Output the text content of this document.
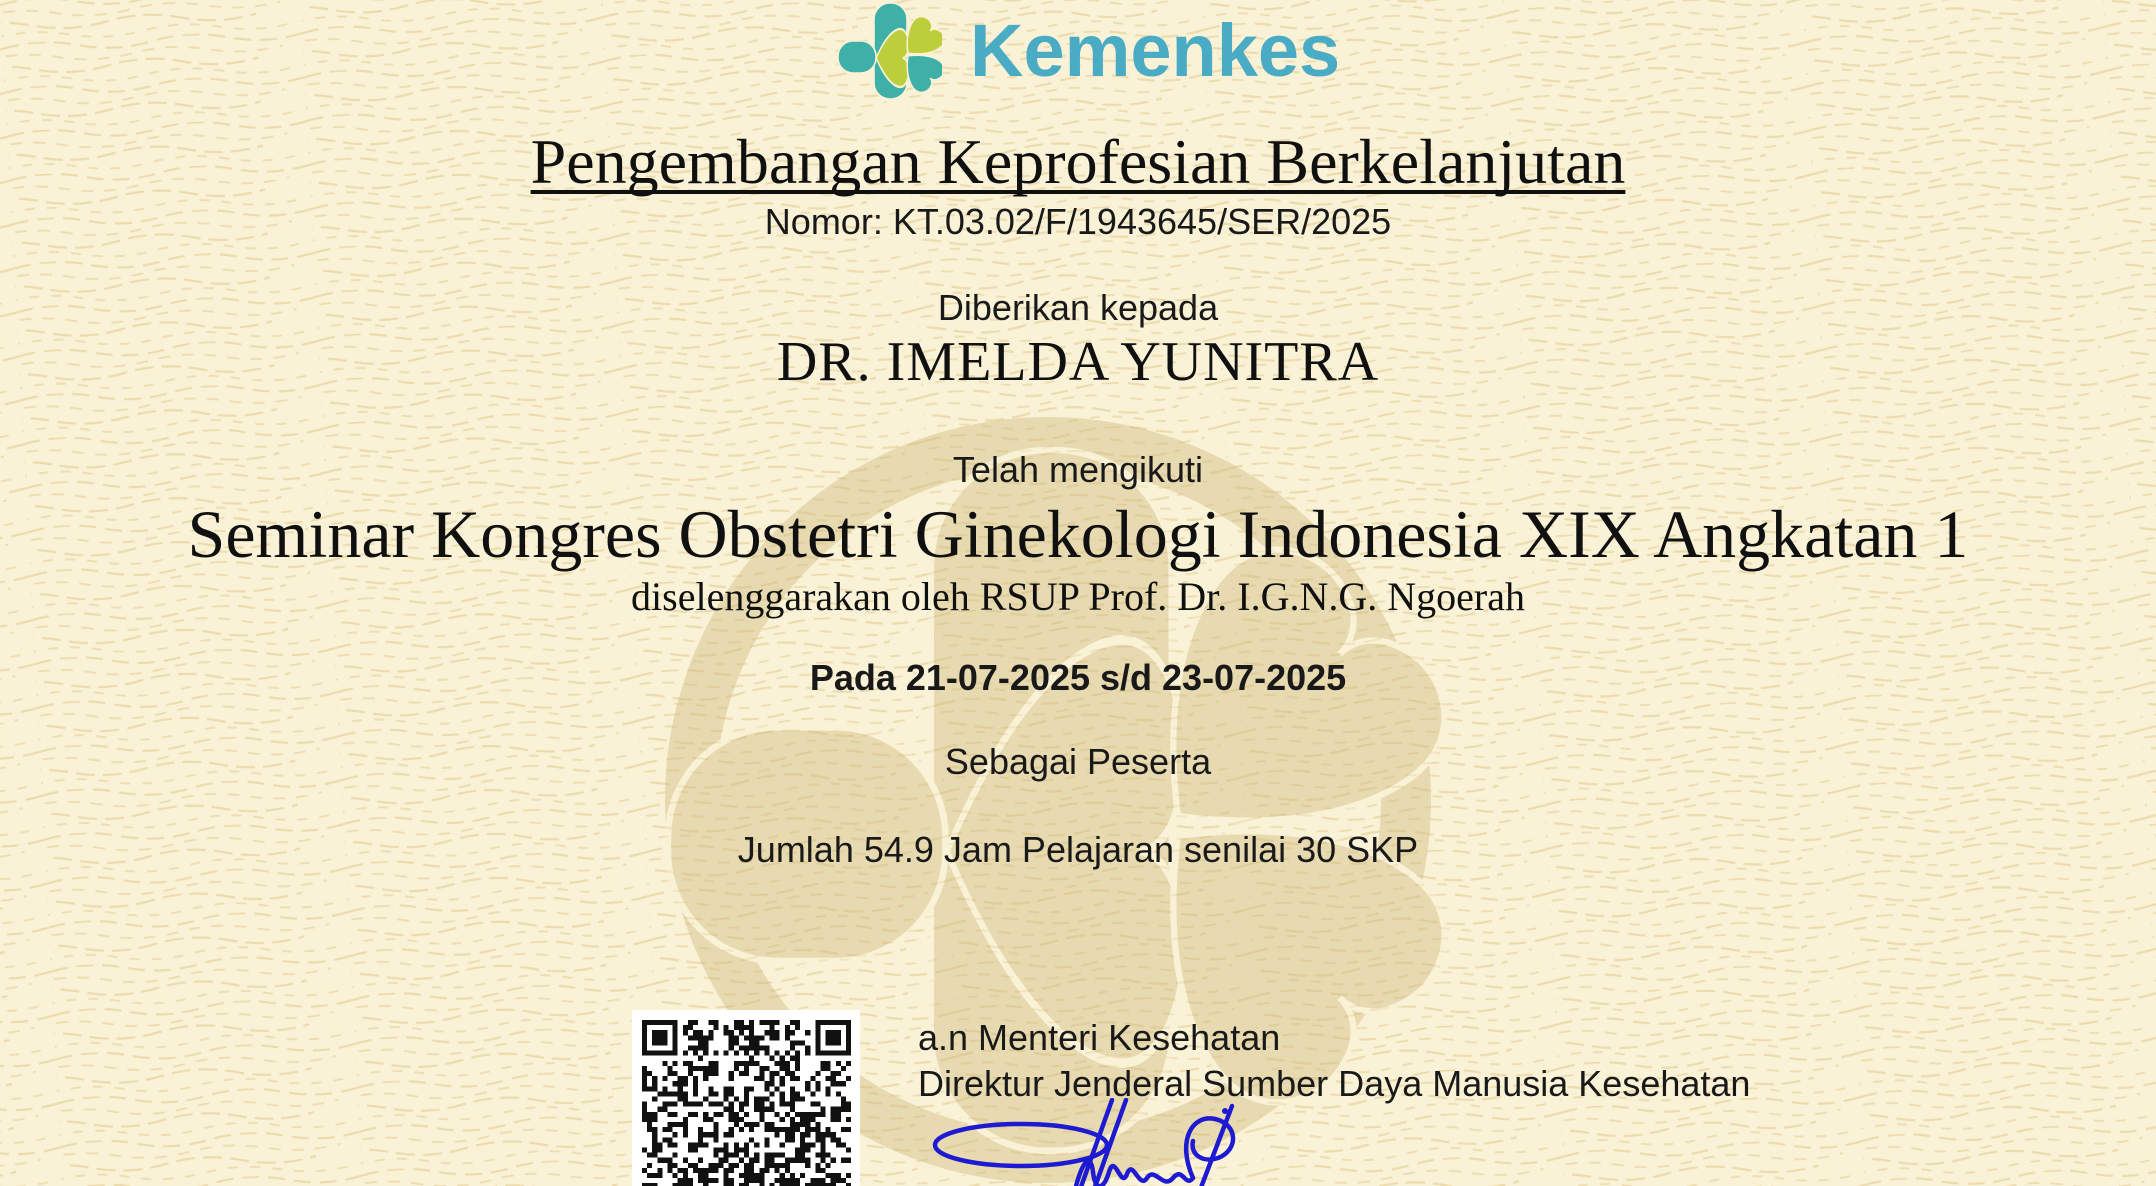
Kemenkes
Pengembangan Keprofesian Berkelanjutan
Nomor: KT.03.02/F/1943645/SER/2025
Diberikan kepada
DR. IMELDA YUNITRA
Telah mengikuti
Seminar Kongres Obstetri Ginekologi Indonesia XIX Angkatan 1
diselenggarakan oleh RSUP Prof. Dr. I.G.N.G. Ngoerah
Pada 21-07-2025 s/d 23-07-2025
Sebagai Peserta
Jumlah 54.9 Jam Pelajaran senilai 30 SKP
a.n Menteri Kesehatan
Direktur Jenderal Sumber Daya Manusia Kesehatan
